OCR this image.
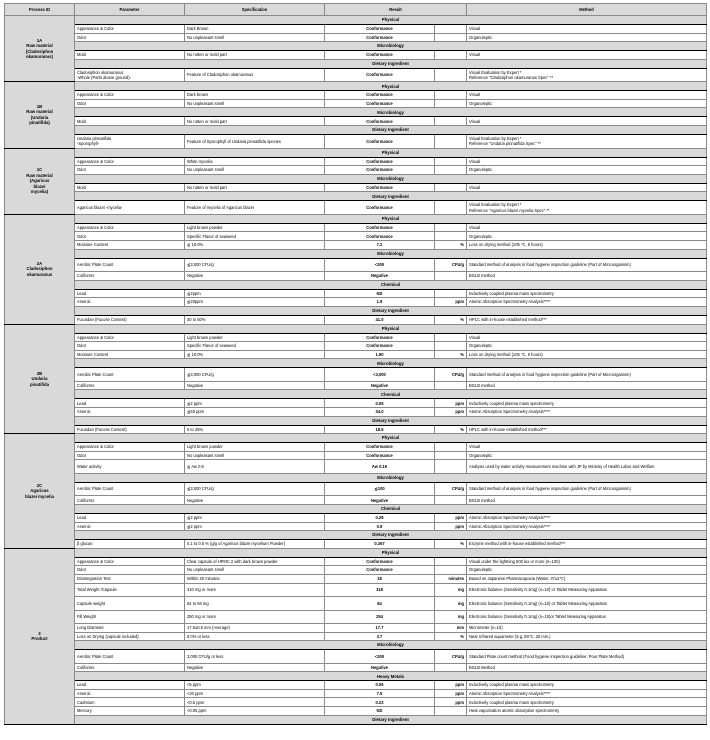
Process ID	Parameter	Specification	Result		Method
1A
Raw material
(Cladosiphon
okamuranus)	Physical				
	Appearance & Color	Dark Brown	Conformance		Visual
	Odor	No unpleasant smell	Conformance		Organoleptic
	Microbiology				
	Mold	No rotten or mold part	Conformance		Visual
	Dietary Ingredient				
	Cladosiphon okamuranus
-Whole (Parts above ground)-	Feature of Cladosiphon okamuranus	Conformance		Visual Evaluation by Expert *
Reference "Cladosiphon okamuranus Spec" **
1B
Raw material
(Undaria
pinatifida)	Physical				
	Appearance & Color	Dark brown	Conformance		Visual
	Odor	No unpleasant smell	Conformance		Organoleptic
	Microbiology				
	Mold	No rotten or mold part	Conformance		Visual
	Dietary Ingredient				
	Undaria pinnatifida
-Sporophyll-	Feature of Sporophyll of Undaria pinnatifida species	Conformance		Visual Evaluation by Expert *
Reference "Undaria pinnatifida Spec" **
1C
Raw material
(Agaricus
blazei
mycelia)	Physical				
	Appearance & Color	White mycelia	Conformance		Visual
	Odor	No unpleasant smell	Conformance		Organoleptic
	Microbiology				
	Mold	No rotten or mold part	Conformance		Visual
	Dietary Ingredient				
	Agaricus blazei -mycelia-	Feature of mycelia of Agaricus blazei	Conformance		Visual Evaluation by Expert *
Reference "Agaricus blazei mycelia Spec" **
2A
Cladosiphon
okamuranus	Physical				
	Appearance & Color	Light brown powder	Conformance		Visual
	Odor	Specific Flavor of seaweed	Conformance		Organoleptic
	Moisture Content	≦ 10.0%	7.2	%	Loss on drying method (105 ℃, 5 hours)
	Microbiology				
	Aerobic Plate Count	≦3,000 CFU/g	<300	CFU/g	Standard method of analysis in food hygiene inspection guideline (Part of Microorganism)
	Coliforms	Negative	Negative		BGLB method
	Chemical				
	Lead	≦2ppm	ND		Inductively coupled plasma mass spectrometry
	Arsenic	≦20ppm	1.9	ppm	Atomic Absorption Spectrometry Analysis****
	Dietary Ingredient				
	Fucoidan (Fucose Content)	30 to 50%	41.0	%	HPLC with in-house established method***
2B
Undaria
pinatifida	Physical				
	Appearance & Color	Light brown powder	Conformance		Visual
	Odor	Specific Flavor of seaweed	Conformance		Organoleptic
	Moisture Content	≦ 10.0%	1.90	%	Loss on drying method (105 ℃, 5 hours)
	Microbiology				
	Aerobic Plate Count	≦3,000 CFU/g	<3,000	CFU/g	Standard method of analysis in food hygiene inspection guideline (Part of Microorganism)
	Coliforms	Negative	Negative		BGLB method
	Chemical				
	Lead	≦2 ppm	0.05	ppm	Inductively coupled plasma mass spectrometry
	Arsenic	≦50 ppm	34.0	ppm	Atomic Absorption Spectrometry Analysis****
	Dietary Ingredient				
	Fucoidan (Fucose Content)	5 to 25%	18.5	%	HPLC with in-house established method***
2C
Agaricus
blazei mycelia	Physical				
	Appearance & Color	Light brown powder	Conformance		Visual
	Odor	No unpleasant smell	Conformance		Organoleptic
	Water activity	≦ Aw 0.5	Aw 0.19		Analysis used by water activity measurement machine with JP by Ministry of Health Labor and Welfare
	Microbiology				
	Aerobic Plate Count	≦3,000 CFU/g	≦100	CFU/g	Standard method of analysis in food hygiene inspection guideline (Part of Microorganism)
	Coliforms	Negative	Negative		BGLB method
	Chemical				
	Lead	≦2 ppm	0.28	ppm	Atomic Absorption Spectrometry Analysis****
	Arsenic	≦2 ppm	0.9	ppm	Atomic Absorption Spectrometry Analysis****
	Dietary Ingredient				
	β glucan	0.1 to 0.5 % (g/g of Agaricus blazei mycelium Powder)	0.367	%	Enzyme method with in-house established method***
3
Product	Physical				
	Appearance & Color	Clear capsule of HPMC 2 with dark brown powder	Conformance		Visual under the lightning 500 lux or more (n=100)
	Odor	No unpleasant smell	Conformance		Organoleptic
	Disintegration Test	Within 20 minutes	18	minutes	Based on Japanese Pharmacopoeia (Water, 37±2℃)
	Total Weight /Capsule	310 mg or more	318	mg	Electronic balance (Sensitivity 0.1mg) (n=10) or Tablet Measuring Apparatus
	Capsule weight	54 to 66 mg	64	mg	Electronic balance (Sensitivity 0.1mg) (n=10) or Tablet Measuring Apparatus
	Fill Weight	250 mg or more	254	mg	Electronic balance (Sensitivity 0.1mg) (n=10)or Tablet Measuring Apparatus
	Long Diameter	17.5±0.5 mm (Average)	17.7	mm	Micrometer (n=10)
	Loss on Drying (capsule included)	8.0% or less	3.7	%	Near Infrared aquameter (5 g, 80℃, 20 min.)
	Microbiology				
	Aerobic Plate Count	3,000 CFU/g or less	<300	CFU/g	Standard Plate count method (Food hygiene inspection guideline: Pour Plate Method)
	Coliforms	Negative	Negative		BGLB Method
	Heavy Metals				
	Lead	<5 ppm	0.06	ppm	Inductively coupled plasma mass spectrometry
	Arsenic	<20 ppm	7.5	ppm	Atomic Absorption Spectrometry Analysis****
	Cadmium	<0.5 ppm	0.23	ppm	Inductively coupled plasma mass spectrometry
	Mercury	<0.05 ppm	ND		Heat vaporization atomic absorption spectrometry
	Dietary Ingredient				
